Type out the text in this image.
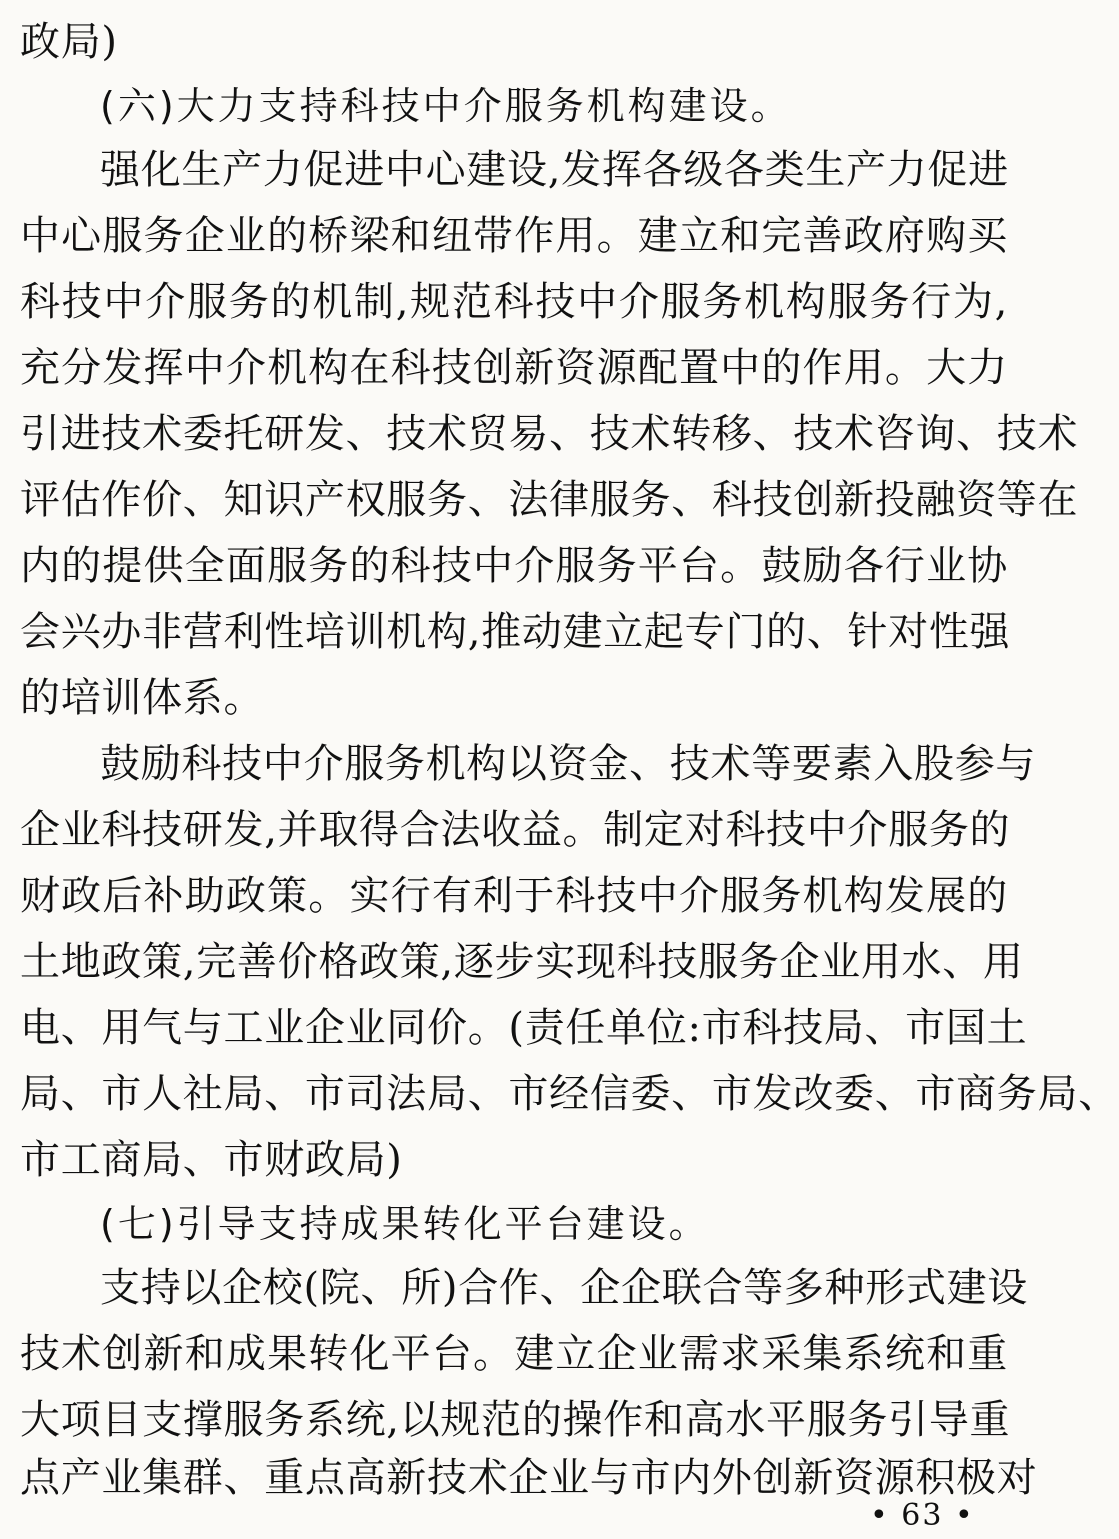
政局)
(六)大力支持科技中介服务机构建设。
强化生产力促进中心建设,发挥各级各类生产力促进
中心服务企业的桥梁和纽带作用。建立和完善政府购买
科技中介服务的机制,规范科技中介服务机构服务行为,
充分发挥中介机构在科技创新资源配置中的作用。大力
引进技术委托研发、技术贸易、技术转移、技术咨询、技术
评估作价、知识产权服务、法律服务、科技创新投融资等在
内的提供全面服务的科技中介服务平台。鼓励各行业协
会兴办非营利性培训机构,推动建立起专门的、针对性强
的培训体系。
鼓励科技中介服务机构以资金、技术等要素入股参与
企业科技研发,并取得合法收益。制定对科技中介服务的
财政后补助政策。实行有利于科技中介服务机构发展的
土地政策,完善价格政策,逐步实现科技服务企业用水、用
电、用气与工业企业同价。(责任单位:市科技局、市国土
局、市人社局、市司法局、市经信委、市发改委、市商务局、
市工商局、市财政局)
(七)引导支持成果转化平台建设。
支持以企校(院、所)合作、企企联合等多种形式建设
技术创新和成果转化平台。建立企业需求采集系统和重
大项目支撑服务系统,以规范的操作和高水平服务引导重
点产业集群、重点高新技术企业与市内外创新资源积极对
• 63 •
